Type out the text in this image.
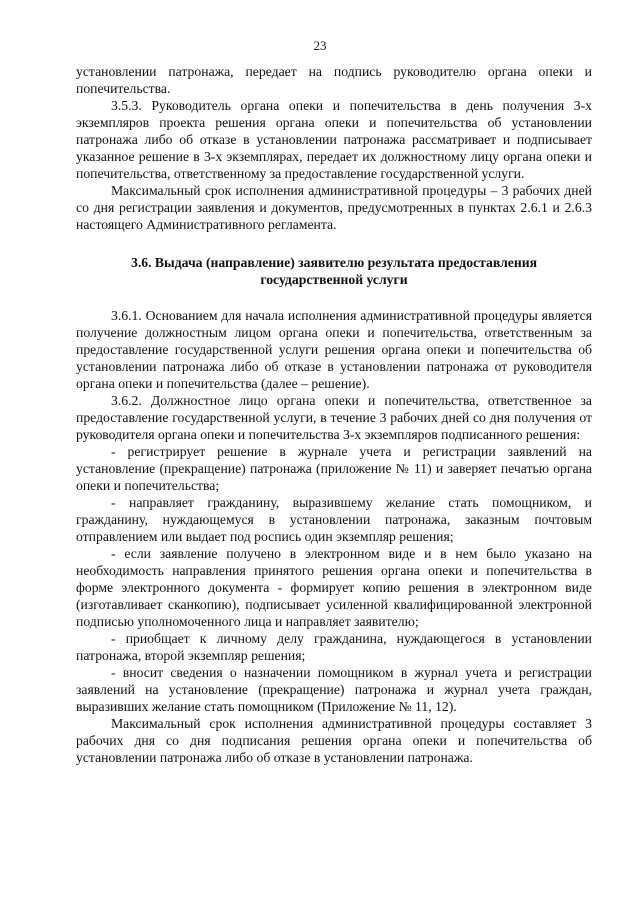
23

установлении патронажа, передает на подпись руководителю органа опеки и попечительства.

3.5.3. Руководитель органа опеки и попечительства в день получения 3-х экземпляров проекта решения органа опеки и попечительства об установлении патронажа либо об отказе в установлении патронажа рассматривает и подписывает указанное решение в 3-х экземплярах, передает их должностному лицу органа опеки и попечительства, ответственному за предоставление государственной услуги.

Максимальный срок исполнения административной процедуры – 3 рабочих дней со дня регистрации заявления и документов, предусмотренных в пунктах 2.6.1 и 2.6.3 настоящего Административного регламента.

3.6. Выдача (направление) заявителю результата предоставления государственной услуги

3.6.1. Основанием для начала исполнения административной процедуры является получение должностным лицом органа опеки и попечительства, ответственным за предоставление государственной услуги решения органа опеки и попечительства об установлении патронажа либо об отказе в установлении патронажа от руководителя органа опеки и попечительства (далее – решение).

3.6.2. Должностное лицо органа опеки и попечительства, ответственное за предоставление государственной услуги, в течение 3 рабочих дней со дня получения от руководителя органа опеки и попечительства 3-х экземпляров подписанного решения:

- регистрирует решение в журнале учета и регистрации заявлений на установление (прекращение) патронажа (приложение № 11) и заверяет печатью органа опеки и попечительства;

- направляет гражданину, выразившему желание стать помощником, и гражданину, нуждающемуся в установлении патронажа, заказным почтовым отправлением или выдает под роспись один экземпляр решения;

- если заявление получено в электронном виде и в нем было указано на необходимость направления принятого решения органа опеки и попечительства в форме электронного документа - формирует копию решения в электронном виде (изготавливает сканкопию), подписывает усиленной квалифицированной электронной подписью уполномоченного лица и направляет заявителю;

- приобщает к личному делу гражданина, нуждающегося в установлении патронажа, второй экземпляр решения;

- вносит сведения о назначении помощником в журнал учета и регистрации заявлений на установление (прекращение) патронажа и журнал учета граждан, выразивших желание стать помощником (Приложение № 11, 12).

Максимальный срок исполнения административной процедуры составляет 3 рабочих дня со дня подписания решения органа опеки и попечительства об установлении патронажа либо об отказе в установлении патронажа.
